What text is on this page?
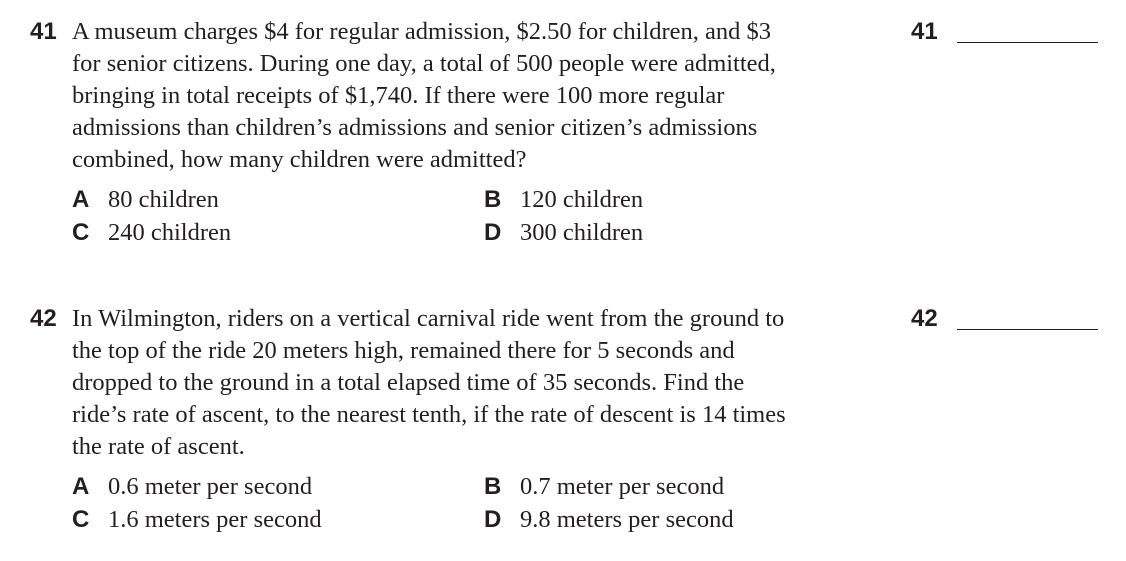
41 A museum charges $4 for regular admission, $2.50 for children, and $3
for senior citizens. During one day, a total of 500 people were admitted,
bringing in total receipts of $1,740. If there were 100 more regular
admissions than children’s admissions and senior citizen’s admissions
combined, how many children were admitted?
41
A 80 children	B 120 children
C 240 children	D 300 children
42 In Wilmington, riders on a vertical carnival ride went from the ground to
the top of the ride 20 meters high, remained there for 5 seconds and
dropped to the ground in a total elapsed time of 35 seconds. Find the
ride’s rate of ascent, to the nearest tenth, if the rate of descent is 14 times
the rate of ascent.
42
A 0.6 meter per second	B 0.7 meter per second
C 1.6 meters per second	D 9.8 meters per second
